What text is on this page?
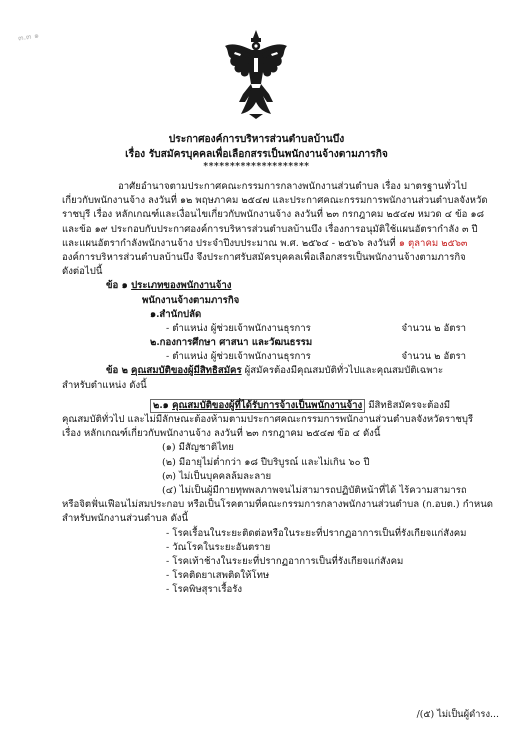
๓.๓ ๑
ประกาศองค์การบริหารส่วนตำบลบ้านบึง
เรื่อง รับสมัครบุคคลเพื่อเลือกสรรเป็นพนักงานจ้างตามภารกิจ
********************
อาศัยอำนาจตามประกาศคณะกรรมการกลางพนักงานส่วนตำบล เรื่อง มาตรฐานทั่วไป
เกี่ยวกับพนักงานจ้าง ลงวันที่ ๑๒ พฤษภาคม ๒๕๔๗ และประกาศคณะกรรมการพนักงานส่วนตำบลจังหวัด
ราชบุรี เรื่อง หลักเกณฑ์และเงื่อนไขเกี่ยวกับพนักงานจ้าง ลงวันที่ ๒๓ กรกฎาคม ๒๕๔๗ หมวด ๔ ข้อ ๑๘
และข้อ ๑๙ ประกอบกับประกาศองค์การบริหารส่วนตำบลบ้านบึง เรื่องการอนุมัติใช้แผนอัตรากำลัง ๓ ปี
และแผนอัตรากำลังพนักงานจ้าง ประจำปีงบประมาณ พ.ศ. ๒๕๖๔ - ๒๕๖๖ ลงวันที่ ๑ ตุลาคม ๒๕๖๓
องค์การบริหารส่วนตำบลบ้านบึง จึงประกาศรับสมัครบุคคลเพื่อเลือกสรรเป็นพนักงานจ้างตามภารกิจ
ดังต่อไปนี้
ข้อ ๑ ประเภทของพนักงานจ้าง
พนักงานจ้างตามภารกิจ
๑.สำนักปลัด
- ตำแหน่ง ผู้ช่วยเจ้าพนักงานธุรการ	จำนวน ๒ อัตรา
๒.กองการศึกษา ศาสนา และวัฒนธรรม
- ตำแหน่ง ผู้ช่วยเจ้าพนักงานธุรการ	จำนวน ๒ อัตรา
ข้อ ๒ คุณสมบัติของผู้มีสิทธิสมัคร ผู้สมัครต้องมีคุณสมบัติทั่วไปและคุณสมบัติเฉพาะ
สำหรับตำแหน่ง ดังนี้
๒.๑ คุณสมบัติของผู้ที่ได้รับการจ้างเป็นพนักงานจ้าง มีสิทธิสมัครจะต้องมี
คุณสมบัติทั่วไป และไม่มีลักษณะต้องห้ามตามประกาศคณะกรรมการพนักงานส่วนตำบลจังหวัดราชบุรี
เรื่อง หลักเกณฑ์เกี่ยวกับพนักงานจ้าง ลงวันที่ ๒๓ กรกฎาคม ๒๕๔๗ ข้อ ๔ ดังนี้
(๑) มีสัญชาติไทย
(๒) มีอายุไม่ต่ำกว่า ๑๘ ปีบริบูรณ์ และไม่เกิน ๖๐ ปี
(๓) ไม่เป็นบุคคลล้มละลาย
(๔) ไม่เป็นผู้มีกายทุพพลภาพจนไม่สามารถปฏิบัติหน้าที่ได้ ไร้ความสามารถ
หรือจิตฟั่นเฟือนไม่สมประกอบ หรือเป็นโรคตามที่คณะกรรมการกลางพนักงานส่วนตำบล (ก.อบต.) กำหนด
สำหรับพนักงานส่วนตำบล ดังนี้
- โรคเรื้อนในระยะติดต่อหรือในระยะที่ปรากฏอาการเป็นที่รังเกียจแก่สังคม
- วัณโรคในระยะอันตราย
- โรคเท้าช้างในระยะที่ปรากฏอาการเป็นที่รังเกียจแก่สังคม
- โรคติดยาเสพติดให้โทษ
- โรคพิษสุราเรื้อรัง
/(๕) ไม่เป็นผู้ดำรง...
